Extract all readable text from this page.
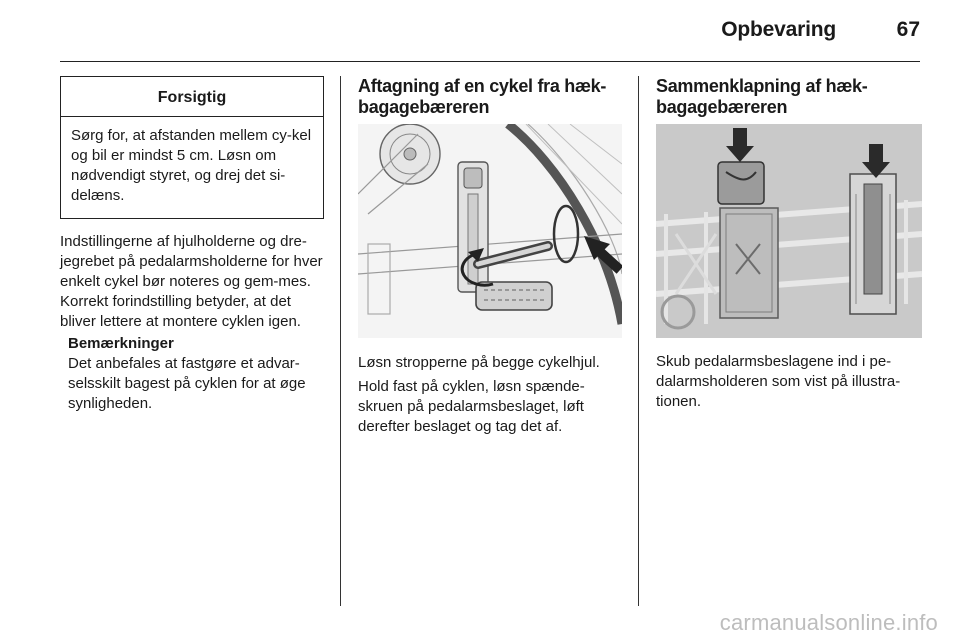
Opbevaring	67
Forsigtig
Sørg for, at afstanden mellem cy-kel og bil er mindst 5 cm. Løsn om nødvendigt styret, og drej det si-delæns.

Indstillingerne af hjulholderne og dre-jegrebet på pedalarmsholderne for hver enkelt cykel bør noteres og gem-mes. Korrekt forindstilling betyder, at det bliver lettere at montere cyklen igen.

Bemærkninger
Det anbefales at fastgøre et advar-selsskilt bagest på cyklen for at øge synligheden.
Aftagning af en cykel fra hæk-bagagebæreren

Løsn stropperne på begge cykelhjul.

Hold fast på cyklen, løsn spænde-skruen på pedalarmsbeslaget, løft derefter beslaget og tag det af.

Sammenklapning af hæk-bagagebæreren

Skub pedalarmsbeslagene ind i pe-dalarmsholderen som vist på illustra-tionen.

carmanualsonline.info
